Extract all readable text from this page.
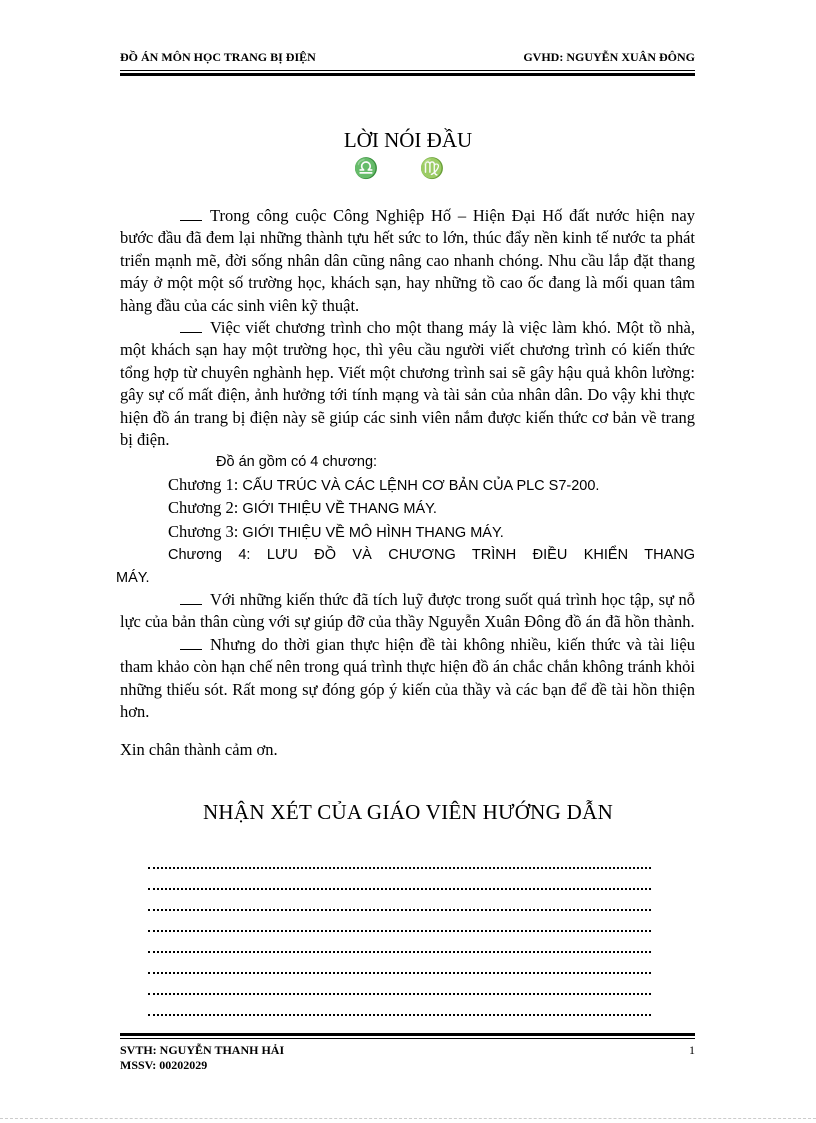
ĐỒ ÁN MÔN HỌC TRANG BỊ ĐIỆN	GVHD: NGUYỄN XUÂN ĐÔNG
LỜI NÓI ĐẦU
♎ ♍

Trong công cuộc Công Nghiệp Hố – Hiện Đại Hố đất nước hiện nay bước đầu đã đem lại những thành tựu hết sức to lớn, thúc đẩy nền kinh tế nước ta phát triển mạnh mẽ, đời sống nhân dân cũng nâng cao nhanh chóng. Nhu cầu lắp đặt thang máy ở một một số trường học, khách sạn, hay những tồ cao ốc đang là mối quan tâm hàng đầu của các sinh viên kỹ thuật.

Việc viết chương trình cho một thang máy là việc làm khó. Một tồ nhà, một khách sạn hay một trường học, thì yêu cầu người viết chương trình có kiến thức tổng hợp từ chuyên nghành hẹp. Viết một chương trình sai sẽ gây hậu quả khôn lường: gây sự cố mất điện, ảnh hưởng tới tính mạng và tài sản của nhân dân. Do vậy khi thực hiện đồ án trang bị điện này sẽ giúp các sinh viên nắm được kiến thức cơ bản về trang bị điện.

Đồ án gồm có 4 chương:

Chương 1: CẤU TRÚC VÀ CÁC LỆNH CƠ BẢN CỦA PLC S7-200.

Chương 2: GIỚI THIỆU VỀ THANG MÁY.

Chương 3: GIỚI THIỆU VỀ MÔ HÌNH THANG MÁY.

Chương 4: LƯU ĐỒ VÀ CHƯƠNG TRÌNH ĐIỀU KHIỂN THANG

MÁY.

Với những kiến thức đã tích luỹ được trong suốt quá trình học tập, sự nỗ lực của bản thân cùng với sự giúp đỡ của thầy Nguyễn Xuân Đông đồ án đã hồn thành.

Nhưng do thời gian thực hiện đề tài không nhiều, kiến thức và tài liệu tham khảo còn hạn chế nên trong quá trình thực hiện đồ án chắc chắn không tránh khỏi những thiếu sót. Rất mong sự đóng góp ý kiến của thầy và các bạn để đề tài hồn thiện hơn.

Xin chân thành cảm ơn.

NHẬN XÉT CỦA GIÁO VIÊN HƯỚNG DẪN
SVTH: NGUYỄN THANH HẢI
MSSV: 00202029
1
